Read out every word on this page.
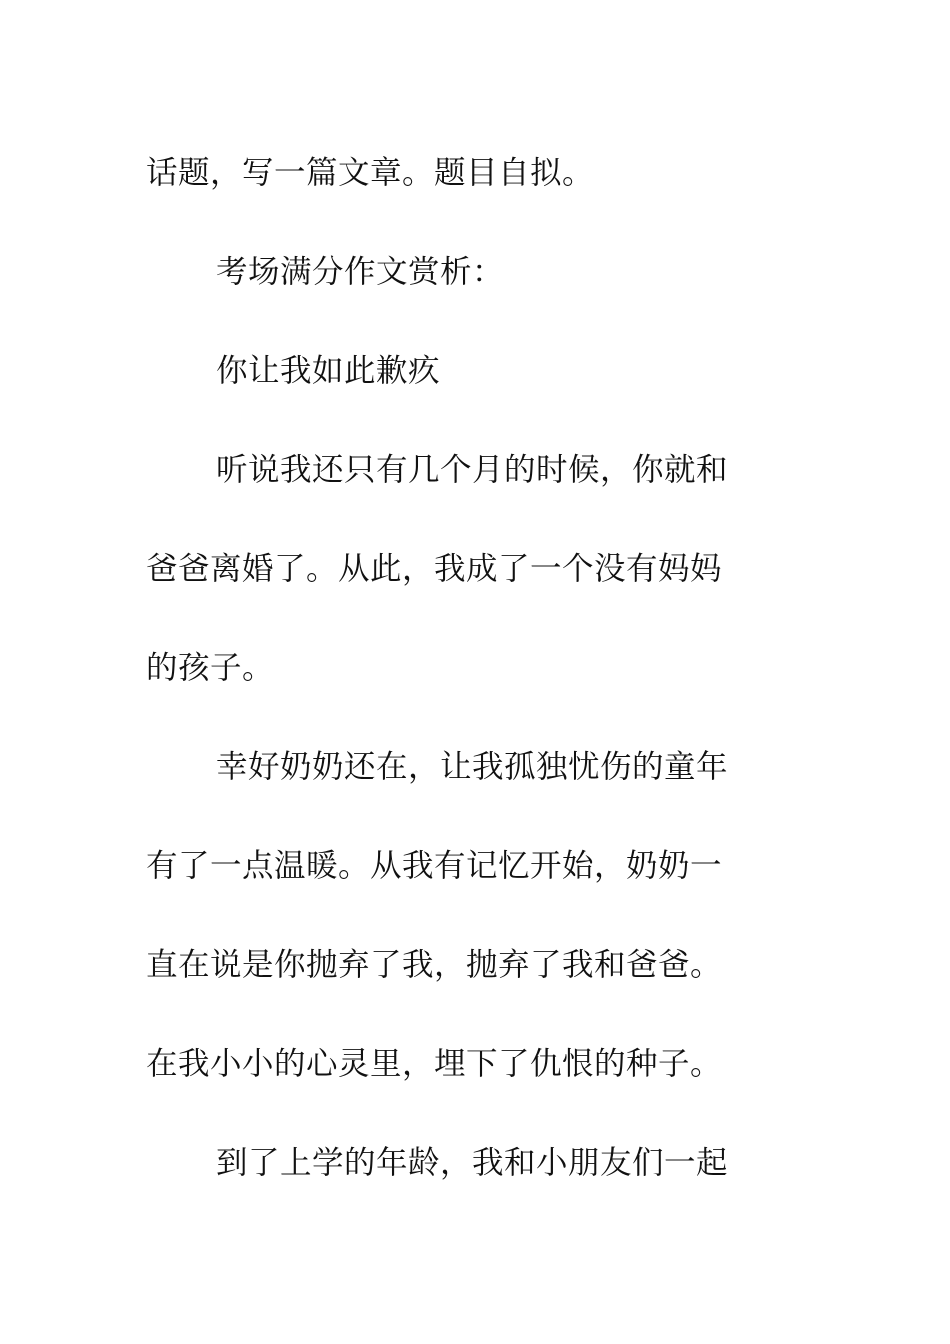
话题，写一篇文章。题目自拟。

考场满分作文赏析：

你让我如此歉疚

听说我还只有几个月的时候，你就和
爸爸离婚了。从此，我成了一个没有妈妈
的孩子。

幸好奶奶还在，让我孤独忧伤的童年
有了一点温暖。从我有记忆开始，奶奶一
直在说是你抛弃了我，抛弃了我和爸爸。
在我小小的心灵里，埋下了仇恨的种子。

到了上学的年龄，我和小朋友们一起
